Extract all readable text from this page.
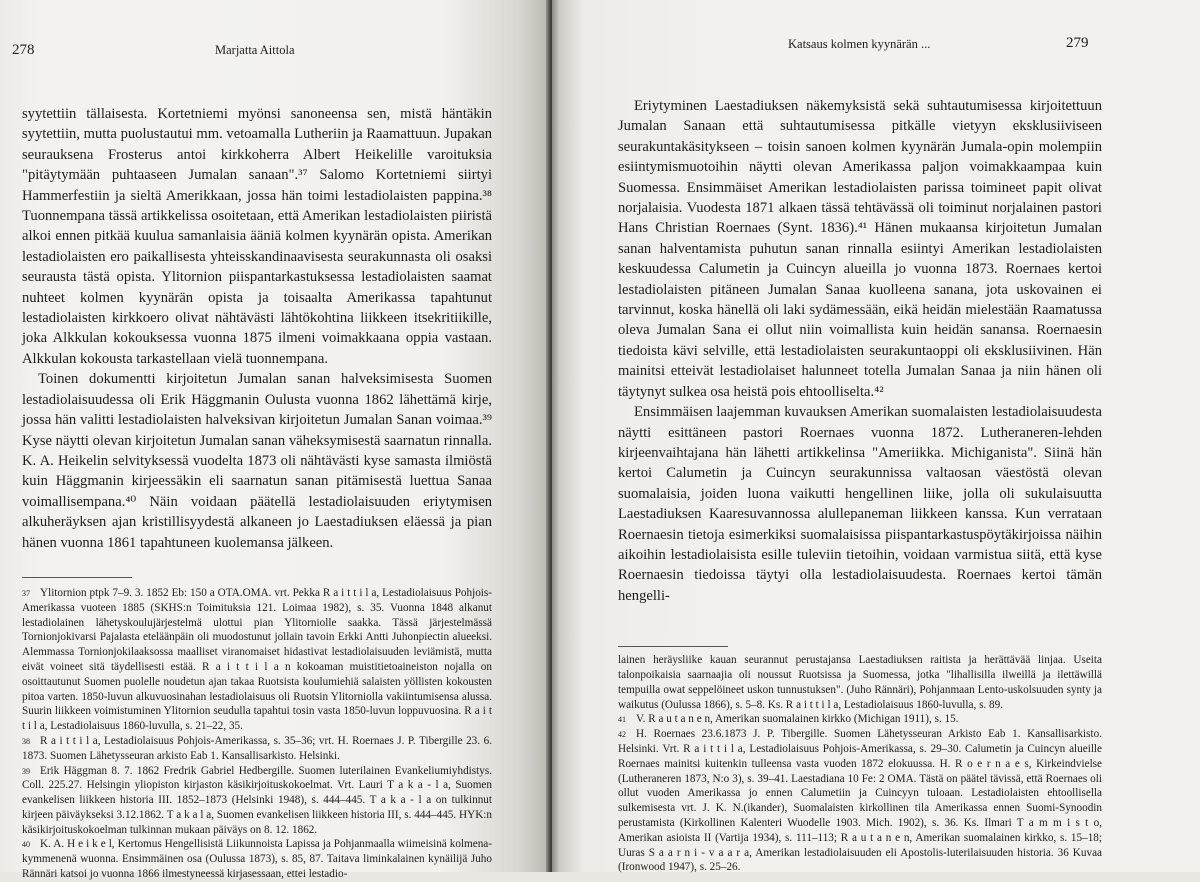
278	Marjatta Aittola

syytettiin tällaisesta. Kortetniemi myönsi sanoneensa sen, mistä häntäkin syytettiin, mutta puolustautui mm. vetoamalla Lutheriin ja Raamattuun. Jupakan seurauksena Frosterus antoi kirkkoherra Albert Heikelille varoituksia "pitäytymään puhtaaseen Jumalan sanaan".³⁷ Salomo Kortetniemi siirtyi Hammerfestiin ja sieltä Amerikkaan, jossa hän toimi lestadiolaisten pappina.³⁸ Tuonnempana tässä artikkelissa osoitetaan, että Amerikan lestadiolaisten piiristä alkoi ennen pitkää kuulua samanlaisia ääniä kolmen kyynärän opista. Amerikan lestadiolaisten ero paikallisesta yhteisskandinaavisesta seurakunnasta oli osaksi seurausta tästä opista. Ylitornion piispantarkastuksessa lestadiolaisten saamat nuhteet kolmen kyynärän opista ja toisaalta Amerikassa tapahtunut lestadiolaisten kirkkoero olivat nähtävästi lähtökohtina liikkeen itsekritiikille, joka Alkkulan kokouksessa vuonna 1875 ilmeni voimakkaana oppia vastaan. Alkkulan kokousta tarkastellaan vielä tuonnempana.

Toinen dokumentti kirjoitetun Jumalan sanan halveksimisesta Suomen lestadiolaisuudessa oli Erik Häggmanin Oulusta vuonna 1862 lähettämä kirje, jossa hän valitti lestadiolaisten halveksivan kirjoitetun Jumalan Sanan voimaa.³⁹ Kyse näytti olevan kirjoitetun Jumalan sanan väheksymisestä saarnatun rinnalla. K. A. Heikelin selvityksessä vuodelta 1873 oli nähtävästi kyse samasta ilmiöstä kuin Häggmanin kirjeessäkin eli saarnatun sanan pitämisestä luettua Sanaa voimallisempana.⁴⁰ Näin voidaan päätellä lestadiolaisuuden eriytymisen alkuheräyksen ajan kristillisyydestä alkaneen jo Laestadiuksen eläessä ja pian hänen vuonna 1861 tapahtuneen kuolemansa jälkeen.

37 Ylitornion ptpk 7–9. 3. 1852 Eb: 150 a OTA.OMA. vrt. Pekka R a i t t i l a, Lestadiolaisuus Pohjois-Amerikassa vuoteen 1885 (SKHS:n Toimituksia 121. Loimaa 1982), s. 35. Vuonna 1848 alkanut lestadiolainen lähetyskoulujärjestelmä ulottui pian Ylitorniolle saakka. Tässä järjestelmässä Tornionjokivarsi Pajalasta eteläänpäin oli muodostunut jollain tavoin Erkki Antti Juhonpiectin alueeksi. Alemmassa Tornionjokilaaksossa maalliset viranomaiset hidastivat lestadiolaisuuden leviämistä, mutta eivät voineet sitä täydellisesti estää. R a i t t i l a n kokoaman muistitietoaineiston nojalla on osoittautunut Suomen puolelle noudetun ajan takaa Ruotsista koulumiehiä salaisten yöllisten kokousten pitoa varten. 1850-luvun alkuvuosinahan lestadiolaisuus oli Ruotsin Ylitorniolla vakiintumisensa alussa. Suurin liikkeen voimistuminen Ylitornion seudulla tapahtui tosin vasta 1850-luvun loppuvuosina. R a i t t i l a, Lestadiolaisuus 1860-luvulla, s. 21–22, 35.

38 R a i t t i l a, Lestadiolaisuus Pohjois-Amerikassa, s. 35–36; vrt. H. Roernaes J. P. Tibergille 23. 6. 1873. Suomen Lähetysseuran arkisto Eab 1. Kansallisarkisto. Helsinki.

39 Erik Häggman 8. 7. 1862 Fredrik Gabriel Hedbergille. Suomen luterilainen Evankeliumiyhdistys. Coll. 225.27. Helsingin yliopiston kirjaston käsikirjoituskokoelmat. Vrt. Lauri T a k a - l a, Suomen evankelisen liikkeen historia III. 1852–1873 (Helsinki 1948), s. 444–445. T a k a - l a on tulkinnut kirjeen päiväykseksi 3.12.1862. T a k a l a, Suomen evankelisen liikkeen historia III, s. 444–445. HYK:n käsikirjoituskokoelman tulkinnan mukaan päiväys on 8. 12. 1862.

40 K. A. H e i k e l, Kertomus Hengellisistä Liikunnoista Lapissa ja Pohjanmaalla wiimeisinä kolmena-kymmenenä wuonna. Ensimmäinen osa (Oulussa 1873), s. 85, 87. Taitava liminkalainen kynäilijä Juho Rännäri katsoi jo vuonna 1866 ilmestyneessä kirjasessaan, ettei lestadio-

Katsaus kolmen kyynärän ...	279

Eriytyminen Laestadiuksen näkemyksistä sekä suhtautumisessa kirjoitettuun Jumalan Sanaan että suhtautumisessa pitkälle vietyyn eksklusiiviseen seurakuntakäsitykseen – toisin sanoen kolmen kyynärän Jumala-opin molempiin esiintymismuotoihin näytti olevan Amerikassa paljon voimakkaampaa kuin Suomessa. Ensimmäiset Amerikan lestadiolaisten parissa toimineet papit olivat norjalaisia. Vuodesta 1871 alkaen tässä tehtävässä oli toiminut norjalainen pastori Hans Christian Roernaes (Synt. 1836).⁴¹ Hänen mukaansa kirjoitetun Jumalan sanan halventamista puhutun sanan rinnalla esiintyi Amerikan lestadiolaisten keskuudessa Calumetin ja Cuincyn alueilla jo vuonna 1873. Roernaes kertoi lestadiolaisten pitäneen Jumalan Sanaa kuolleena sanana, jota uskovainen ei tarvinnut, koska hänellä oli laki sydämessään, eikä heidän mielestään Raamatussa oleva Jumalan Sana ei ollut niin voimallista kuin heidän sanansa. Roernaesin tiedoista kävi selville, että lestadiolaisten seurakuntaoppi oli eksklusiivinen. Hän mainitsi etteivät lestadiolaiset halunneet totella Jumalan Sanaa ja niin hänen oli täytynyt sulkea osa heistä pois ehtoolliselta.⁴²

Ensimmäisen laajemman kuvauksen Amerikan suomalaisten lestadiolaisuudesta näytti esittäneen pastori Roernaes vuonna 1872. Lutheraneren-lehden kirjeenvaihtajana hän lähetti artikkelinsa "Ameriikka. Michiganista". Siinä hän kertoi Calumetin ja Cuincyn seurakunnissa valtaosan väestöstä olevan suomalaisia, joiden luona vaikutti hengellinen liike, jolla oli sukulaisuutta Laestadiuksen Kaaresuvannossa alullepaneman liikkeen kanssa. Kun verrataan Roernaesin tietoja esimerkiksi suomalaisissa piispantarkastuspöytäkirjoissa näihin aikoihin lestadiolaisista esille tuleviin tietoihin, voidaan varmistua siitä, että kyse Roernaesin tiedoissa täytyi olla lestadiolaisuudesta. Roernaes kertoi tämän hengelli-

lainen heräysliike kauan seurannut perustajansa Laestadiuksen raitista ja herättävää linjaa. Useita talonpoikaisia saarnaajia oli noussut Ruotsissa ja Suomessa, jotka "lihallisilla ilweillä ja ilettäwillä tempuilla owat seppelöineet uskon tunnustuksen". (Juho Rännäri), Pohjanmaan Lento-uskolsuuden synty ja waikutus (Oulussa 1866), s. 5–8. Ks. R a i t t i l a, Lestadiolaisuus 1860-luvulla, s. 89.

41 V. R a u t a n e n, Amerikan suomalainen kirkko (Michigan 1911), s. 15.

42 H. Roernaes 23.6.1873 J. P. Tibergille. Suomen Lähetysseuran Arkisto Eab 1. Kansallisarkisto. Helsinki. Vrt. R a i t t i l a, Lestadiolaisuus Pohjois-Amerikassa, s. 29–30. Calumetin ja Cuincyn alueille Roernaes mainitsi kuitenkin tulleensa vasta vuoden 1872 elokuussa. H. R o e r n a e s, Kirkeindvielse (Lutheraneren 1873, N:o 3), s. 39–41. Laestadiana 10 Fe: 2 OMA. Tästä on päätel tävissä, että Roernaes oli ollut vuoden Amerikassa jo ennen Calumetiin ja Cuincyyn tuloaan. Lestadiolaisten ehtoollisella sulkemisesta vrt. J. K. N.(ikander), Suomalaisten kirkollinen tila Amerikassa ennen Suomi-Synoodin perustamista (Kirkollinen Kalenteri Wuodelle 1903. Mich. 1902), s. 36. Ks. Ilmari T a m m i s t o, Amerikan asioista II (Vartija 1934), s. 111–113; R a u t a n e n, Amerikan suomalainen kirkko, s. 15–18; Uuras S a a r n i - v a a r a, Amerikan lestadiolaisuuden eli Apostolis-luterilaisuuden historia. 36 Kuvaa (Ironwood 1947), s. 25–26.
